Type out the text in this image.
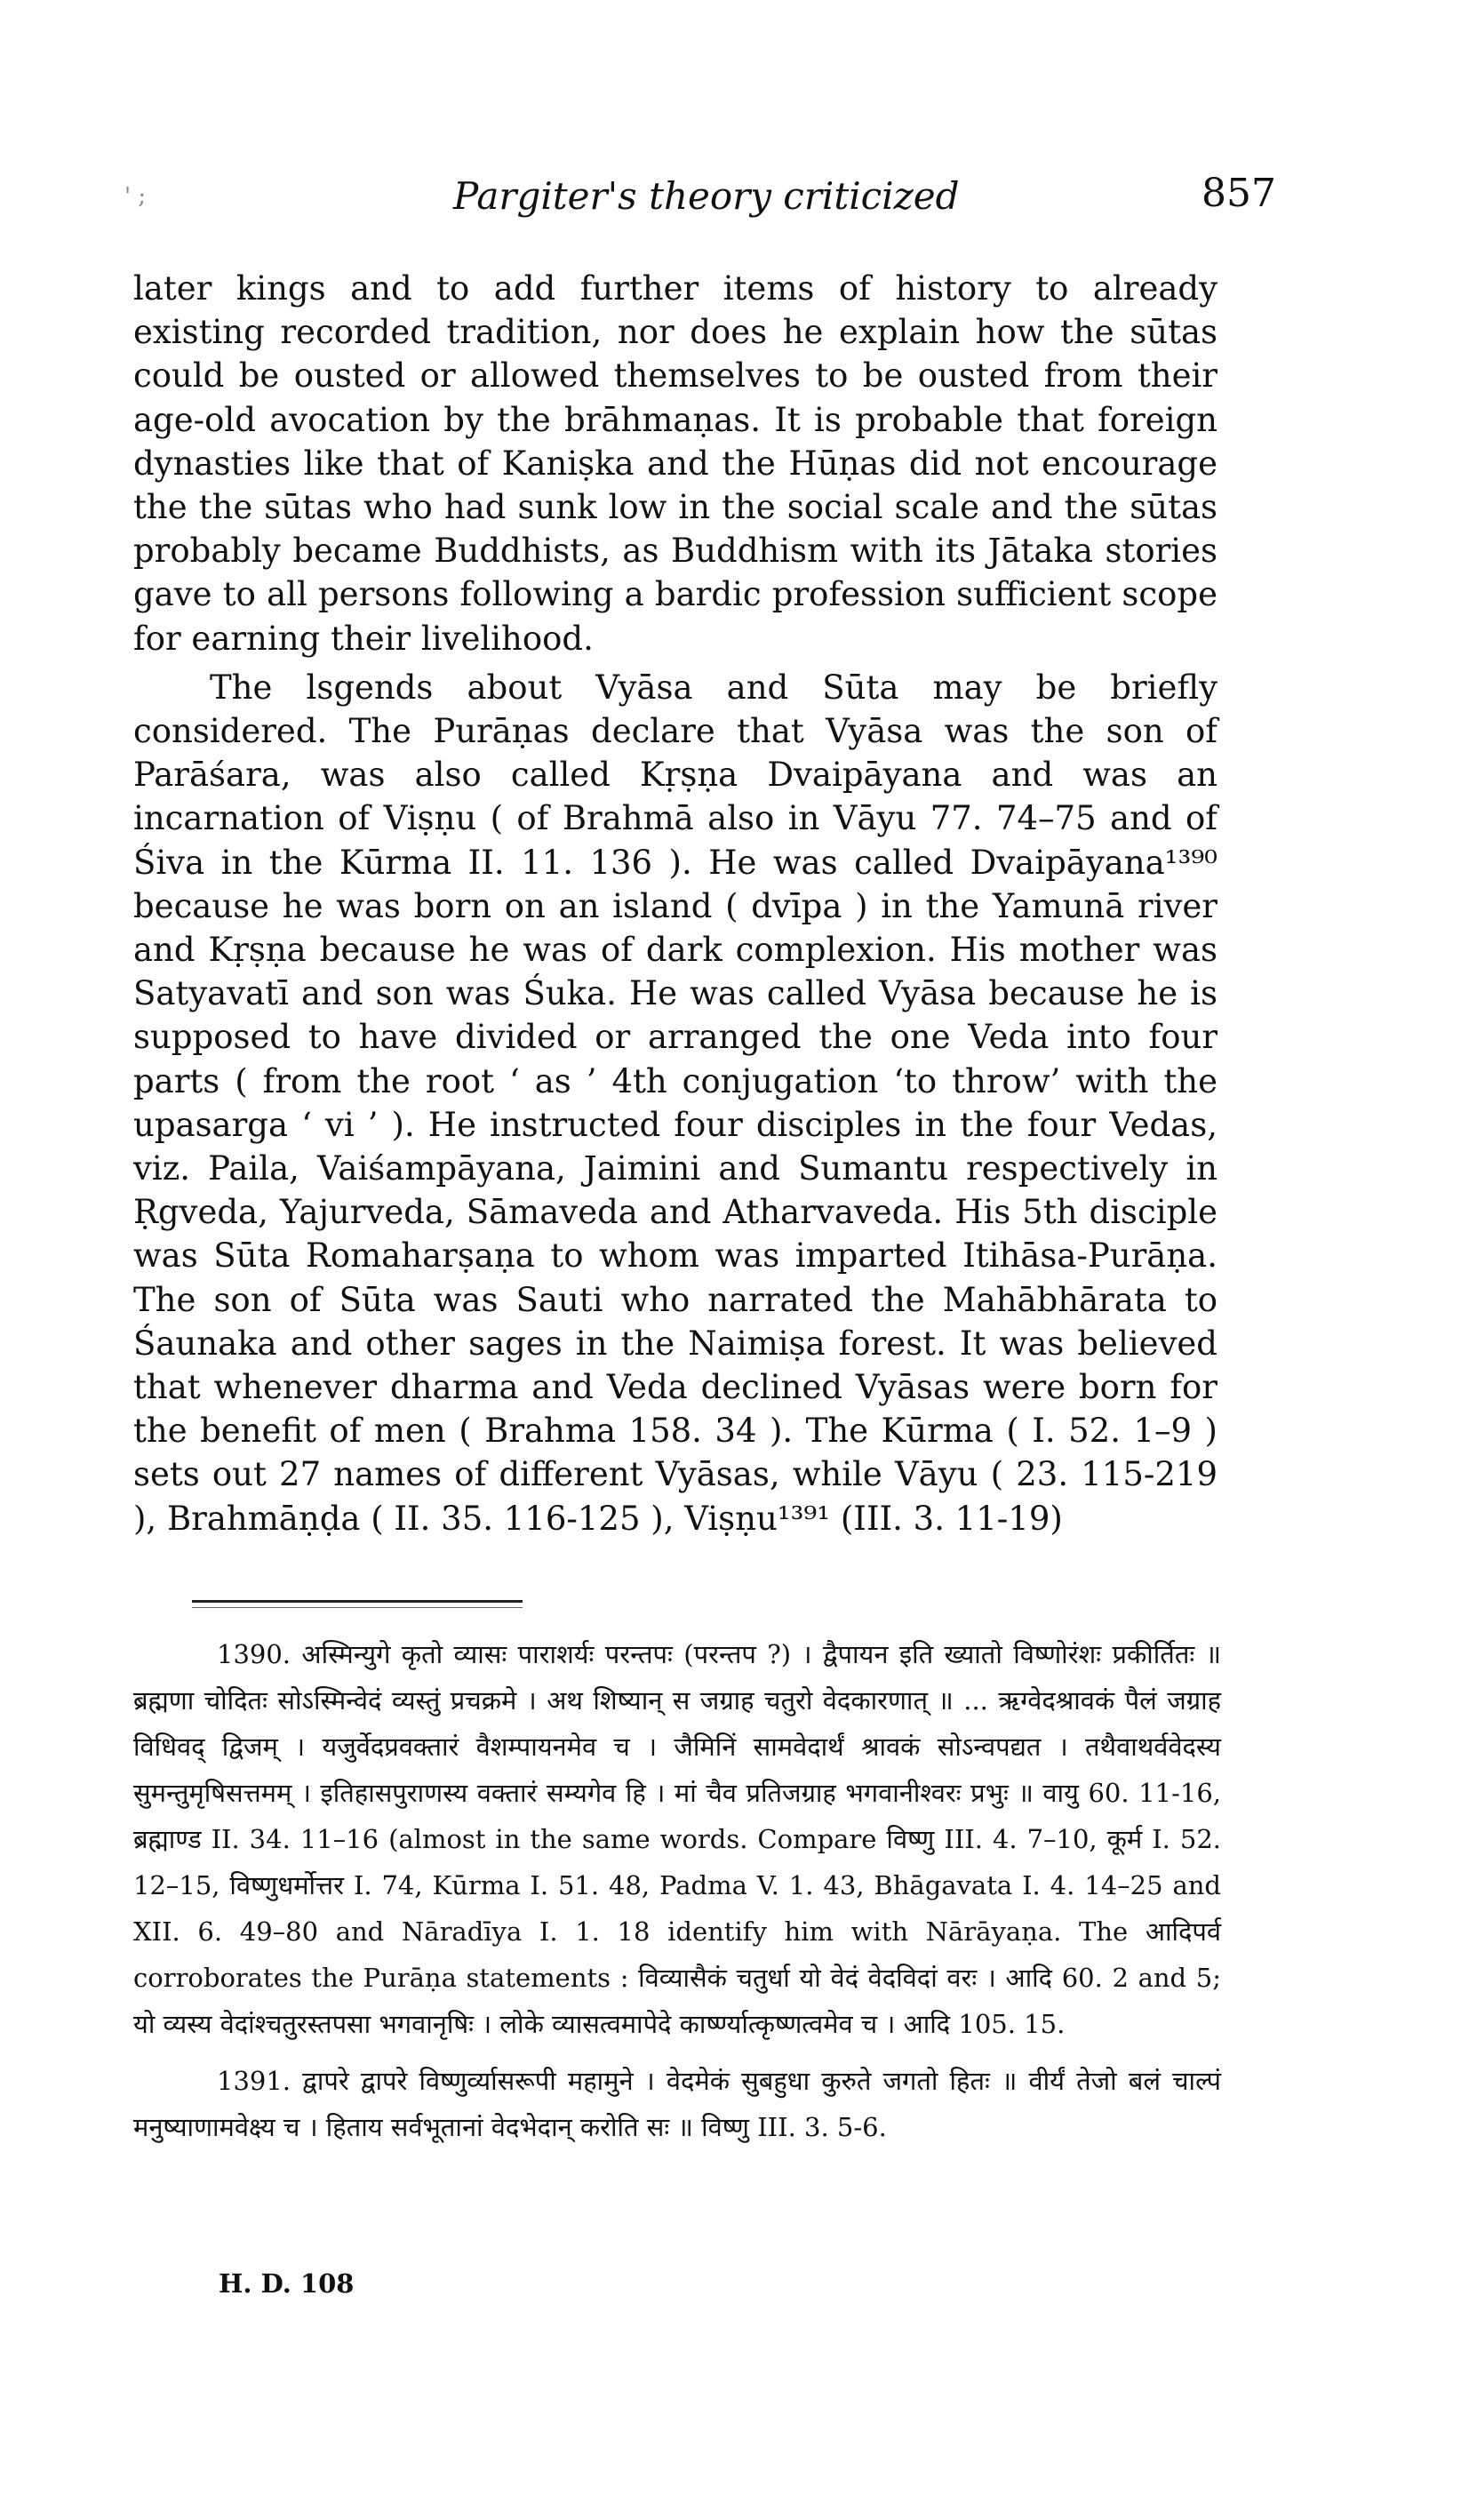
' ;	Pargiter's theory criticized	857

later kings and to add further items of history to already existing recorded tradition, nor does he explain how the sūtas could be ousted or allowed themselves to be ousted from their age-old avocation by the brāhmaṇas. It is probable that foreign dynasties like that of Kaniṣka and the Hūṇas did not encourage the the sūtas who had sunk low in the social scale and the sūtas probably became Buddhists, as Buddhism with its Jātaka stories gave to all persons following a bardic profession sufficient scope for earning their livelihood.

The lsgends about Vyāsa and Sūta may be briefly considered. The Purāṇas declare that Vyāsa was the son of Parāśara, was also called Kṛṣṇa Dvaipāyana and was an incarnation of Viṣṇu ( of Brahmā also in Vāyu 77. 74–75 and of Śiva in the Kūrma II. 11. 136 ). He was called Dvaipāyana¹³⁹⁰ because he was born on an island ( dvīpa ) in the Yamunā river and Kṛṣṇa because he was of dark complexion. His mother was Satyavatī and son was Śuka. He was called Vyāsa because he is supposed to have divided or arranged the one Veda into four parts ( from the root ‘ as ’ 4th conjugation ‘to throw’ with the upasarga ‘ vi ’ ). He instructed four disciples in the four Vedas, viz. Paila, Vaiśampāyana, Jaimini and Sumantu respectively in Ṛgveda, Yajurveda, Sāmaveda and Atharvaveda. His 5th disciple was Sūta Romaharṣaṇa to whom was imparted Itihāsa-Purāṇa. The son of Sūta was Sauti who narrated the Mahābhārata to Śaunaka and other sages in the Naimiṣa forest. It was believed that whenever dharma and Veda declined Vyāsas were born for the benefit of men ( Brahma 158. 34 ). The Kūrma ( I. 52. 1–9 ) sets out 27 names of different Vyāsas, while Vāyu ( 23. 115-219 ), Brahmāṇḍa ( II. 35. 116-125 ), Viṣṇu¹³⁹¹ (III. 3. 11-19)

1390. अस्मिन्युगे कृतो व्यासः पाराशर्यः परन्तपः (परन्तप ?) । द्वैपायन इति ख्यातो विष्णोरंशः प्रकीर्तितः ॥ ब्रह्मणा चोदितः सोऽस्मिन्वेदं व्यस्तुं प्रचक्रमे । अथ शिष्यान् स जग्राह चतुरो वेदकारणात् ॥ ... ऋग्वेदश्रावकं पैलं जग्राह विधिवद् द्विजम् । यजुर्वेदप्रवक्तारं वैशम्पायनमेव च । जैमिनिं सामवेदार्थं श्रावकं सोऽन्वपद्यत । तथैवाथर्ववेदस्य सुमन्तुमृषिसत्तमम् । इतिहासपुराणस्य वक्तारं सम्यगेव हि । मां चैव प्रतिजग्राह भगवानीश्वरः प्रभुः ॥ वायु 60. 11-16, ब्रह्माण्ड II. 34. 11–16 (almost in the same words. Compare विष्णु III. 4. 7–10, कूर्म I. 52. 12–15, विष्णुधर्मोत्तर I. 74, Kūrma I. 51. 48, Padma V. 1. 43, Bhāgavata I. 4. 14–25 and XII. 6. 49–80 and Nāradīya I. 1. 18 identify him with Nārāyaṇa. The आदिपर्व corroborates the Purāṇa statements : विव्यासैकं चतुर्धा यो वेदं वेदविदां वरः । आदि 60. 2 and 5; यो व्यस्य वेदांश्चतुरस्तपसा भगवानृषिः । लोके व्यासत्वमापेदे कार्ष्ण्यात्कृष्णत्वमेव च । आदि 105. 15.

1391. द्वापरे द्वापरे विष्णुर्व्यासरूपी महामुने । वेदमेकं सुबहुधा कुरुते जगतो हितः ॥ वीर्यं तेजो बलं चाल्पं मनुष्याणामवेक्ष्य च । हिताय सर्वभूतानां वेदभेदान् करोति सः ॥ विष्णु III. 3. 5-6.

H. D. 108
